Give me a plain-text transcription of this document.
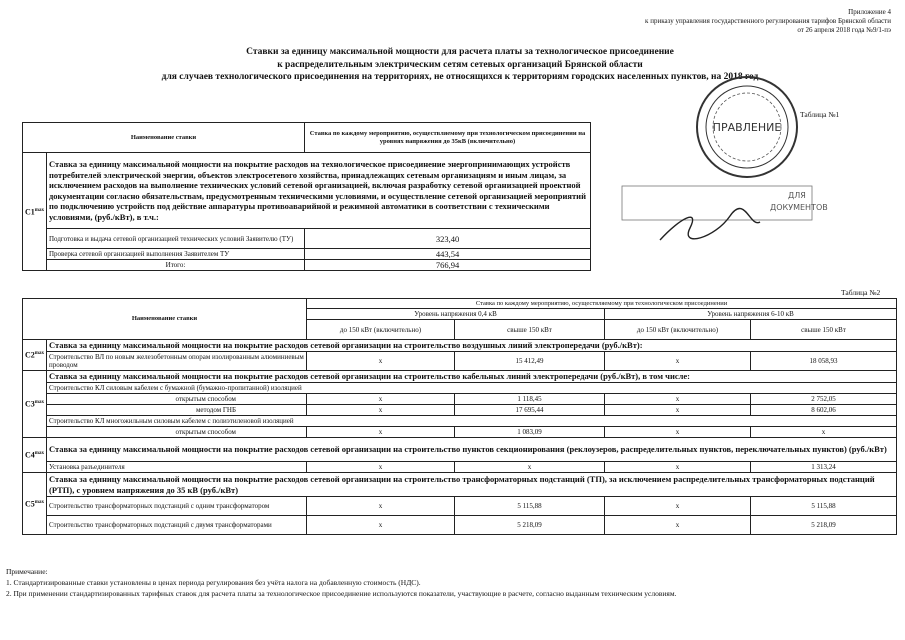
Приложение 4
к приказу управления государственного регулирования тарифов Брянской области
от 26 апреля 2018 года №9/1-пэ
Ставки за единицу максимальной мощности для расчета платы за технологическое присоединение
к распределительным электрическим сетям сетевых организаций Брянской области
для случаев технологического присоединения на территориях, не относящихся к территориям городских населенных пунктов, на 2018 год
Таблица №1
Наименование ставки		Ставка по каждому мероприятию, осуществляемому при технологическом присоединении на уровнях напряжения до 35кВ (включительно)
$C1^{max}$	Ставка за единицу максимальной мощности на покрытие расходов на технологическое присоединение энергопринимающих устройств потребителей электрической энергии, объектов электросетевого хозяйства, принадлежащих сетевым организациям и иным лицам, за исключением расходов на выполнение технических условий сетевой организацией, включая разработку сетевой организацией проектной документации согласно обязательствам, предусмотренным техническими условиями, и осуществление сетевой организацией мероприятий по подключению устройств под действие аппаратуры противоаварийной и режимной автоматики в соответствии с техническими условиями, (руб./кВт), в т.ч.:	
	Подготовка и выдача сетевой организацией технических условий Заявителю (ТУ)	323,40
	Проверка сетевой организацией выполнения Заявителем ТУ	443,54
	Итого:	766,94
ПРАВЛЕНИЕ
ДЛЯ
ДОКУМЕНТОВ
Таблица №2
Наименование ставки		Ставка по каждому мероприятию, осуществляемому при технологическом присоединении			
		Уровень напряжения 0,4 кВ		Уровень напряжения 6-10 кВ	
		до 150 кВт (включительно)	свыше 150 кВт	до 150 кВт (включительно)	свыше 150 кВт
$C2^{max}$	Ставка за единицу максимальной мощности на покрытие расходов сетевой организации на строительство воздушных линий электропередачи (руб./кВт):				
	Строительство ВЛ по новым железобетонным опорам изолированным алюминиевым проводом	x	15 412,49	x	18 058,93
$C3^{max}$	Ставка за единицу максимальной мощности на покрытие расходов сетевой организации на строительство кабельных линий электропередачи (руб./кВт), в том числе:				
	Строительство КЛ силовым кабелем с бумажной (бумажно-пропитанной) изоляцией				
	открытым способом	x	1 118,45	x	2 752,05
	методом ГНБ	x	17 695,44	x	8 602,06
	Строительство КЛ многожильным силовым кабелем с полиэтиленовой изоляцией				
	открытым способом	x	1 083,09	x	x
$C4^{max}$	Ставка за единицу максимальной мощности на покрытие расходов сетевой организации на строительство пунктов секционирования (реклоузеров, распределительных пунктов, переключательных пунктов) (руб./кВт)				
	Установка разъединителя	x	x	x	1 313,24
$C5^{max}$	Ставка за единицу максимальной мощности на покрытие расходов сетевой организации на строительство трансформаторных подстанций (ТП), за исключением распределительных трансформаторных подстанций (РТП), с уровнем напряжения до 35 кВ (руб./кВт)				
	Строительство трансформаторных подстанций с одним трансформатором	x	5 115,88	x	5 115,88
	Строительство трансформаторных подстанций с двумя трансформаторами	x	5 218,09	x	5 218,09
Примечание:
1. Стандартизированные ставки установлены в ценах периода регулирования без учёта налога на добавленную стоимость (НДС).
2. При применении стандартизированных тарифных ставок для расчета платы за технологическое присоединение используются показатели, участвующие в расчете, согласно выданным техническим условиям.
